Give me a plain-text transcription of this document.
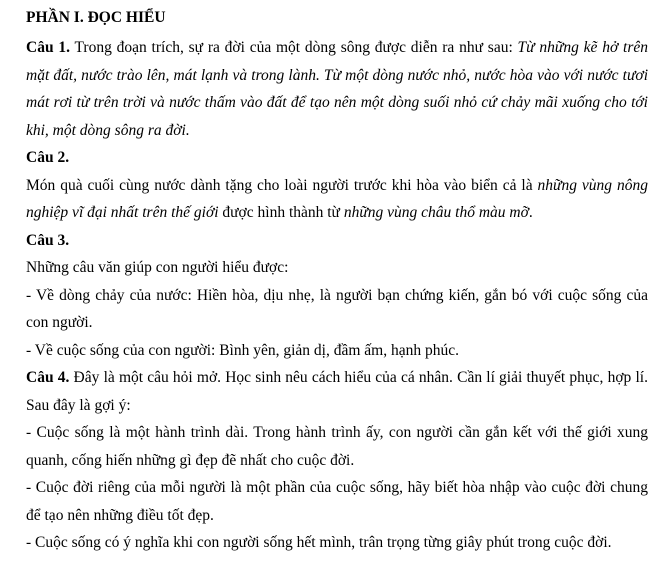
PHẦN I. ĐỌC HIỂU

Câu 1. Trong đoạn trích, sự ra đời của một dòng sông được diễn ra như sau: Từ những kẽ hở trên mặt đất, nước trào lên, mát lạnh và trong lành. Từ một dòng nước nhỏ, nước hòa vào với nước tươi mát rơi từ trên trời và nước thấm vào đất để tạo nên một dòng suối nhỏ cứ chảy mãi xuống cho tới khi, một dòng sông ra đời.

Câu 2.

Món quà cuối cùng nước dành tặng cho loài người trước khi hòa vào biển cả là những vùng nông nghiệp vĩ đại nhất trên thế giới được hình thành từ những vùng châu thổ màu mỡ.

Câu 3.

Những câu văn giúp con người hiểu được:

- Về dòng chảy của nước: Hiền hòa, dịu nhẹ, là người bạn chứng kiến, gắn bó với cuộc sống của con người.

- Về cuộc sống của con người: Bình yên, giản dị, đầm ấm, hạnh phúc.

Câu 4. Đây là một câu hỏi mở. Học sinh nêu cách hiểu của cá nhân. Cần lí giải thuyết phục, hợp lí. Sau đây là gợi ý:

- Cuộc sống là một hành trình dài. Trong hành trình ấy, con người cần gắn kết với thế giới xung quanh, cống hiến những gì đẹp đẽ nhất cho cuộc đời.

- Cuộc đời riêng của mỗi người là một phần của cuộc sống, hãy biết hòa nhập vào cuộc đời chung để tạo nên những điều tốt đẹp.

- Cuộc sống có ý nghĩa khi con người sống hết mình, trân trọng từng giây phút trong cuộc đời.
